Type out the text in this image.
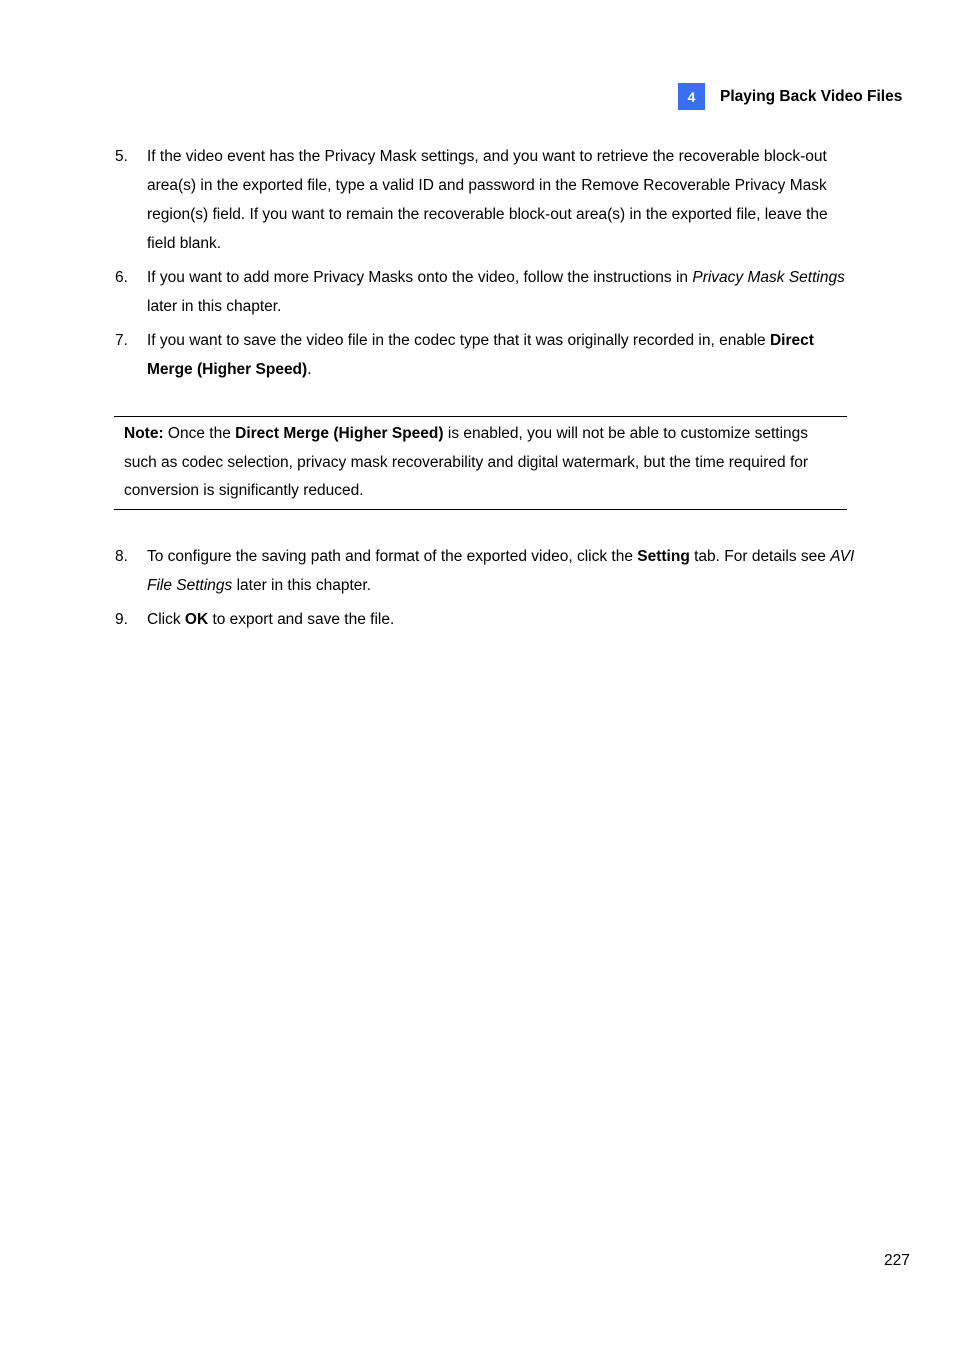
4	Playing Back Video Files
5.	If the video event has the Privacy Mask settings, and you want to retrieve the recoverable block-out area(s) in the exported file, type a valid ID and password in the Remove Recoverable Privacy Mask region(s) field. If you want to remain the recoverable block-out area(s) in the exported file, leave the field blank.
6.	If you want to add more Privacy Masks onto the video, follow the instructions in Privacy Mask Settings later in this chapter.
7.	If you want to save the video file in the codec type that it was originally recorded in, enable Direct Merge (Higher Speed).
Note: Once the Direct Merge (Higher Speed) is enabled, you will not be able to customize settings such as codec selection, privacy mask recoverability and digital watermark, but the time required for conversion is significantly reduced.
8.	To configure the saving path and format of the exported video, click the Setting tab. For details see AVI File Settings later in this chapter.
9.	Click OK to export and save the file.
227
